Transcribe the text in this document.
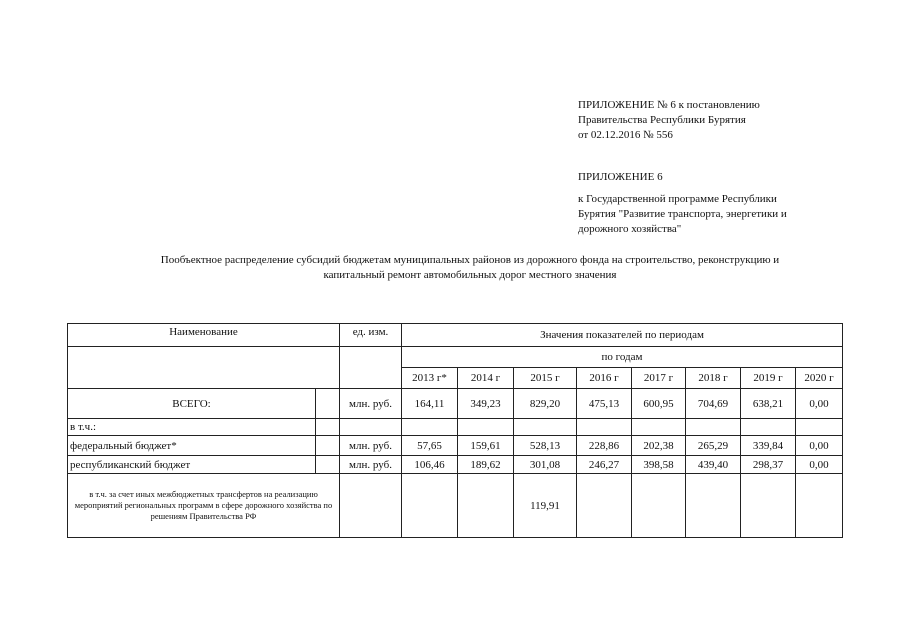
ПРИЛОЖЕНИЕ № 6 к постановлению
Правительства Республики Бурятия
от 02.12.2016 № 556
ПРИЛОЖЕНИЕ 6
к Государственной программе Республики
Бурятия "Развитие транспорта, энергетики и
дорожного хозяйства"
Пообъектное распределение субсидий бюджетам муниципальных районов из дорожного фонда на строительство, реконструкцию и
капитальный ремонт автомобильных дорог местного значения
Наименование		ед. изм.	Значения показателей по периодам							
			по годам							
			2013 г*	2014 г	2015 г	2016 г	2017 г	2018 г	2019 г	2020 г
ВСЕГО:		млн. руб.	164,11	349,23	829,20	475,13	600,95	704,69	638,21	0,00
в т.ч.:										
федеральный бюджет*		млн. руб.	57,65	159,61	528,13	228,86	202,38	265,29	339,84	0,00
республиканский бюджет		млн. руб.	106,46	189,62	301,08	246,27	398,58	439,40	298,37	0,00
в т.ч. за счет иных межбюджетных трансфертов на реализацию мероприятий региональных программ в сфере дорожного хозяйства по решениям Правительства РФ					119,91					
